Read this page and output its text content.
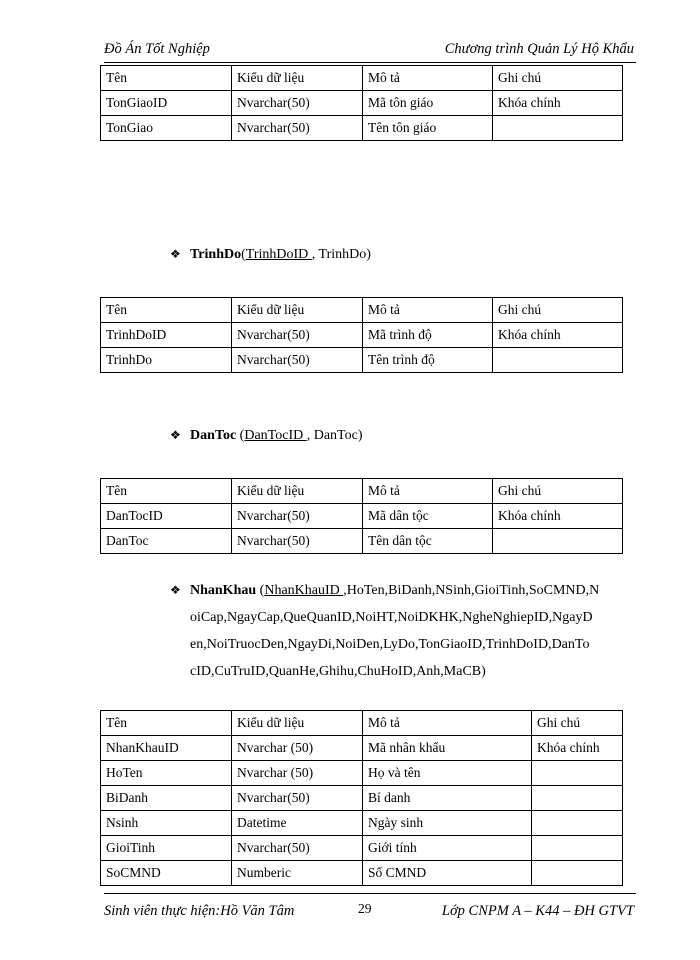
Đồ Án Tốt Nghiệp	Chương trình Quản Lý Hộ Khẩu
Tên	Kiểu dữ liệu	Mô tả	Ghi chú
TonGiaoID	Nvarchar(50)	Mã tôn giáo	Khóa chính
TonGiao	Nvarchar(50)	Tên tôn giáo	
❖ TrinhDo(TrinhDoID , TrinhDo)
Tên	Kiểu dữ liệu	Mô tả	Ghi chú
TrinhDoID	Nvarchar(50)	Mã trình độ	Khóa chính
TrinhDo	Nvarchar(50)	Tên trình độ	
❖ DanToc (DanTocID , DanToc)
Tên	Kiểu dữ liệu	Mô tả	Ghi chú
DanTocID	Nvarchar(50)	Mã dân tộc	Khóa chính
DanToc	Nvarchar(50)	Tên dân tộc	
❖ NhanKhau (NhanKhauID ,HoTen,BiDanh,NSinh,GioiTinh,SoCMND,N
oiCap,NgayCap,QueQuanID,NoiHT,NoiDKHK,NgheNghiepID,NgayD
en,NoiTruocDen,NgayDi,NoiDen,LyDo,TonGiaoID,TrinhDoID,DanTo
cID,CuTruID,QuanHe,Ghihu,ChuHoID,Anh,MaCB)
Tên	Kiểu dữ liệu	Mô tả	Ghi chú
NhanKhauID	Nvarchar (50)	Mã nhân khẩu	Khóa chính
HoTen	Nvarchar (50)	Họ và tên	
BiDanh	Nvarchar(50)	Bí danh	
Nsinh	Datetime	Ngày sinh	
GioiTinh	Nvarchar(50)	Giới tính	
SoCMND	Numberic	Số CMND	
Sinh viên thực hiện:Hồ Văn Tâm	29	Lớp CNPM A – K44 – ĐH GTVT
